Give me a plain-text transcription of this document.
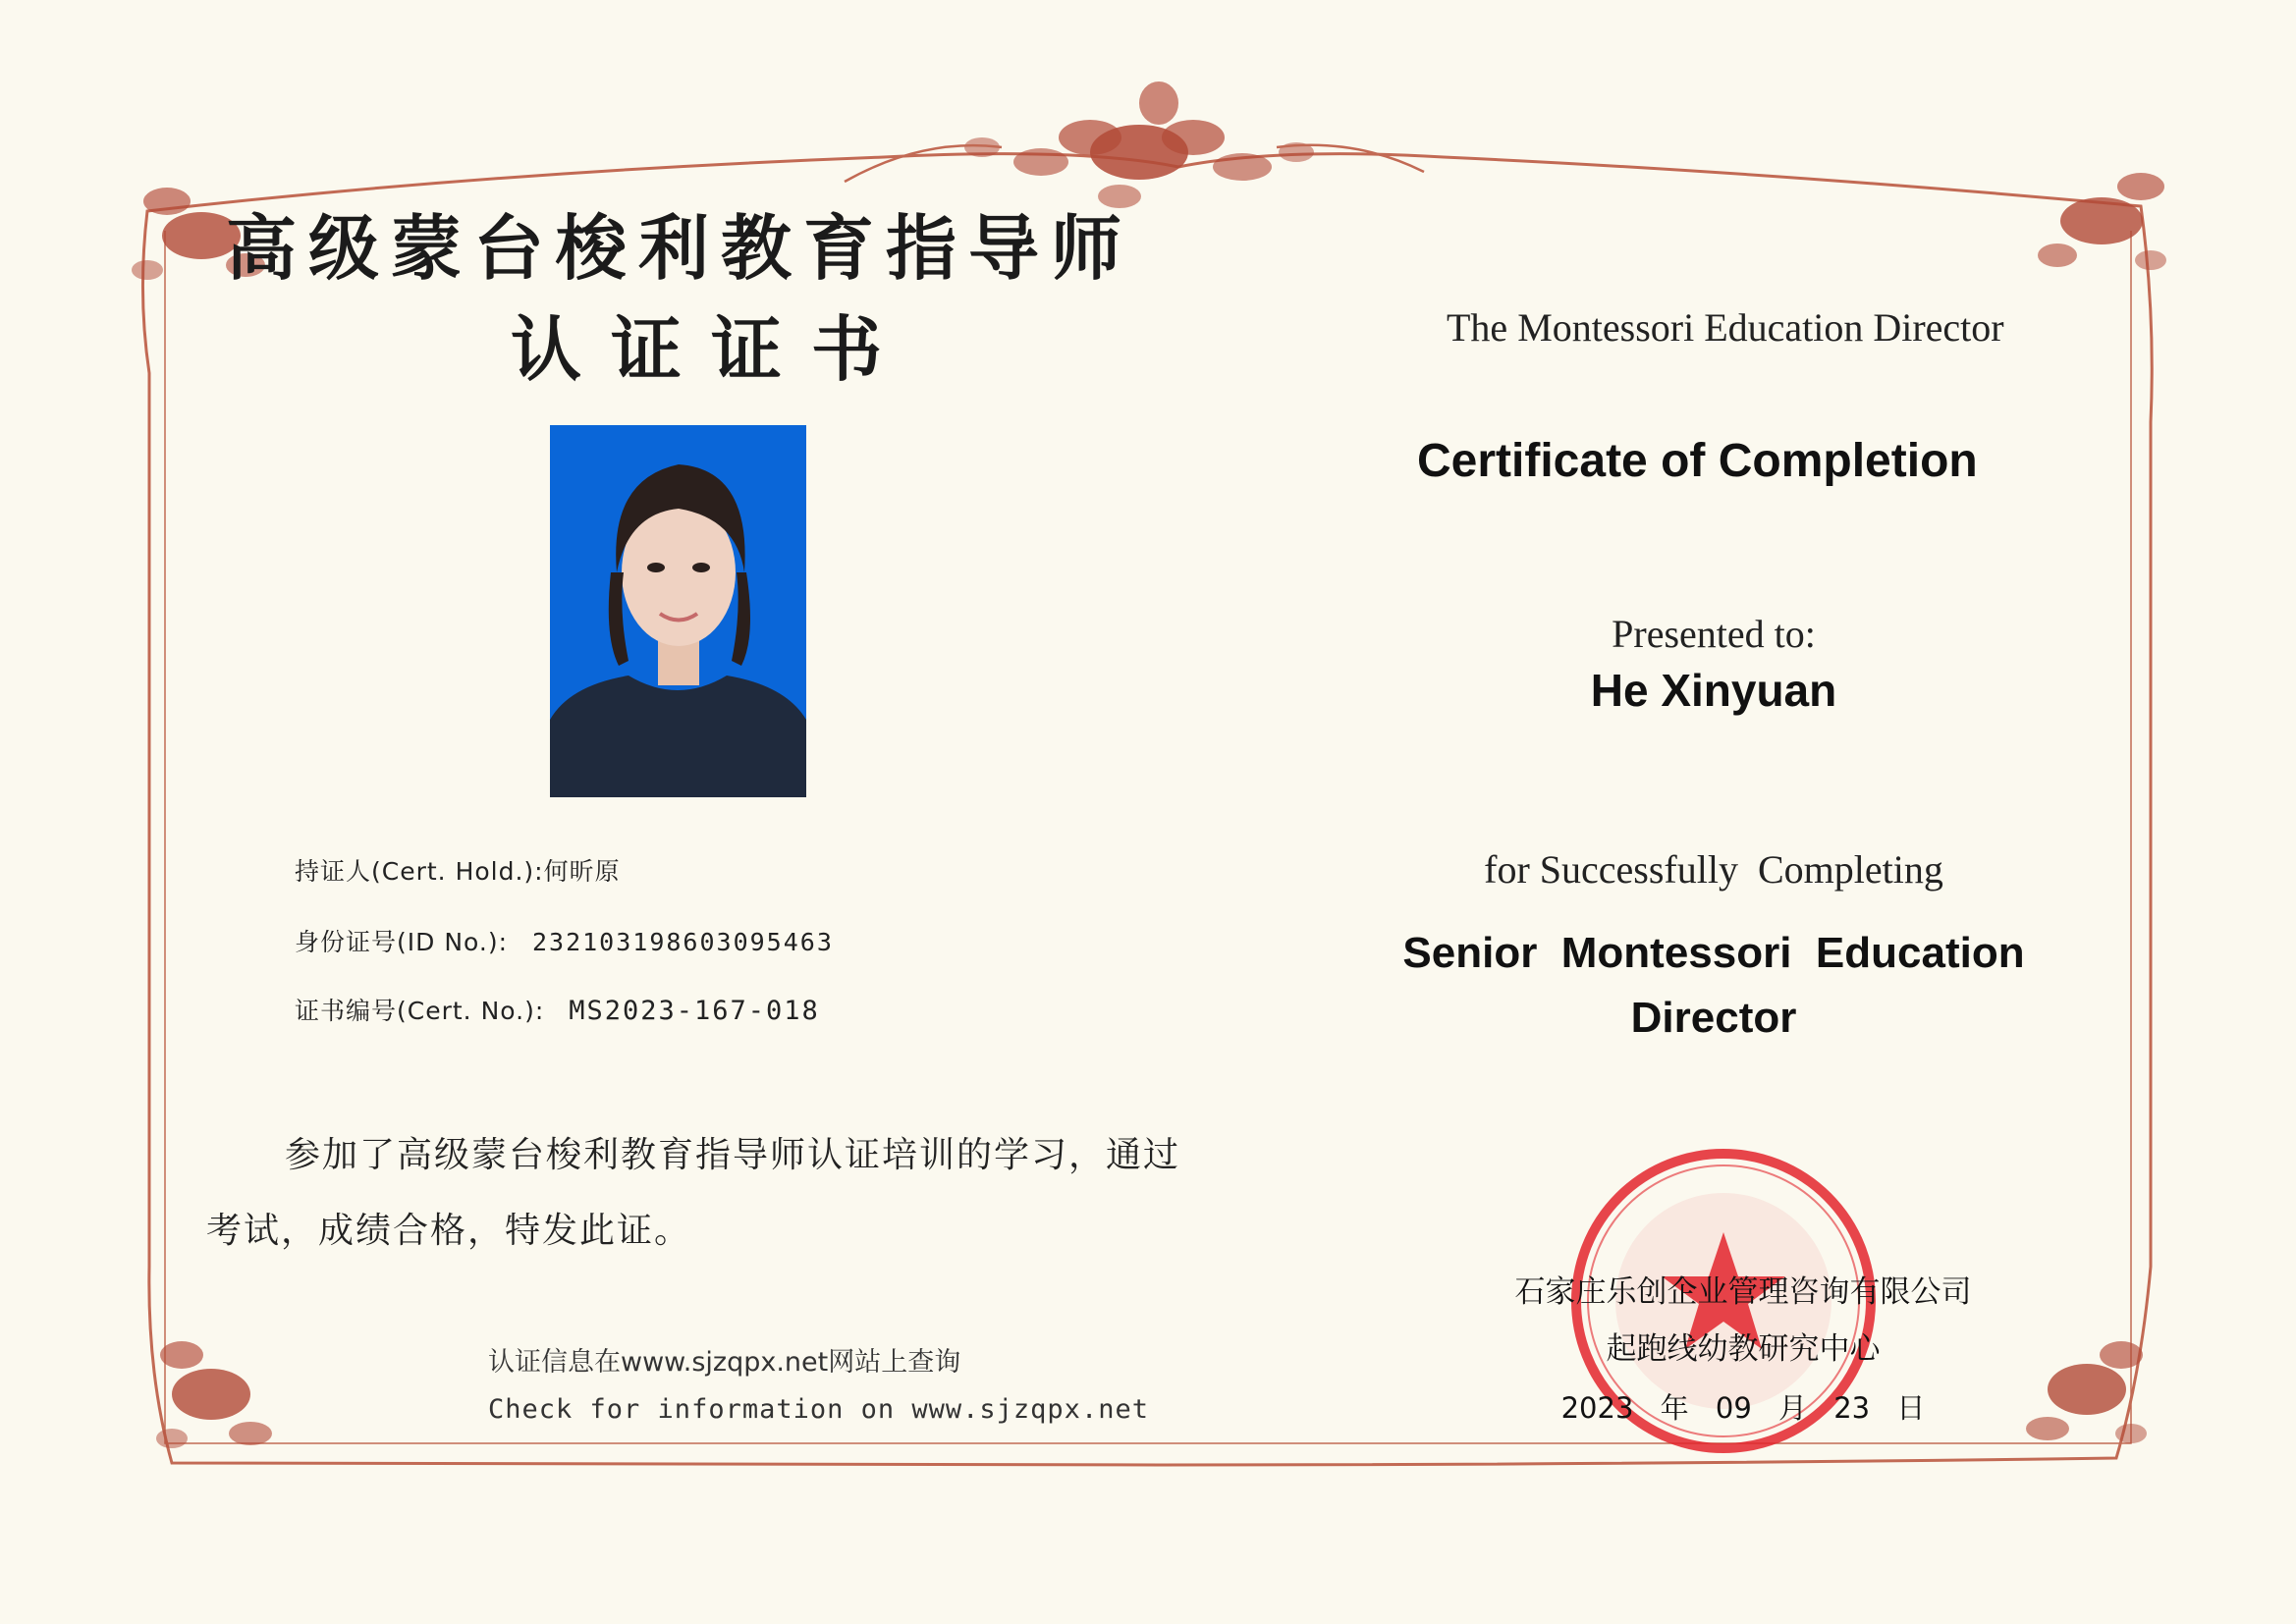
高级蒙台梭利教育指导师
认证证书
持证人(Cert. Hold.):何昕原
身份证号(ID No.): 232103198603095463
证书编号(Cert. No.): MS2023-167-018
参加了高级蒙台梭利教育指导师认证培训的学习，通过
考试，成绩合格，特发此证。
认证信息在www.sjzqpx.net网站上查询
Check for information on www.sjzqpx.net
The Montessori Education Director
Certificate of Completion
Presented to:
He Xinyuan
for Successfully  Completing
Senior  Montessori  Education
Director
石家庄乐创企业管理咨询有限公司
起跑线幼教研究中心
2023 年 09 月 23 日
